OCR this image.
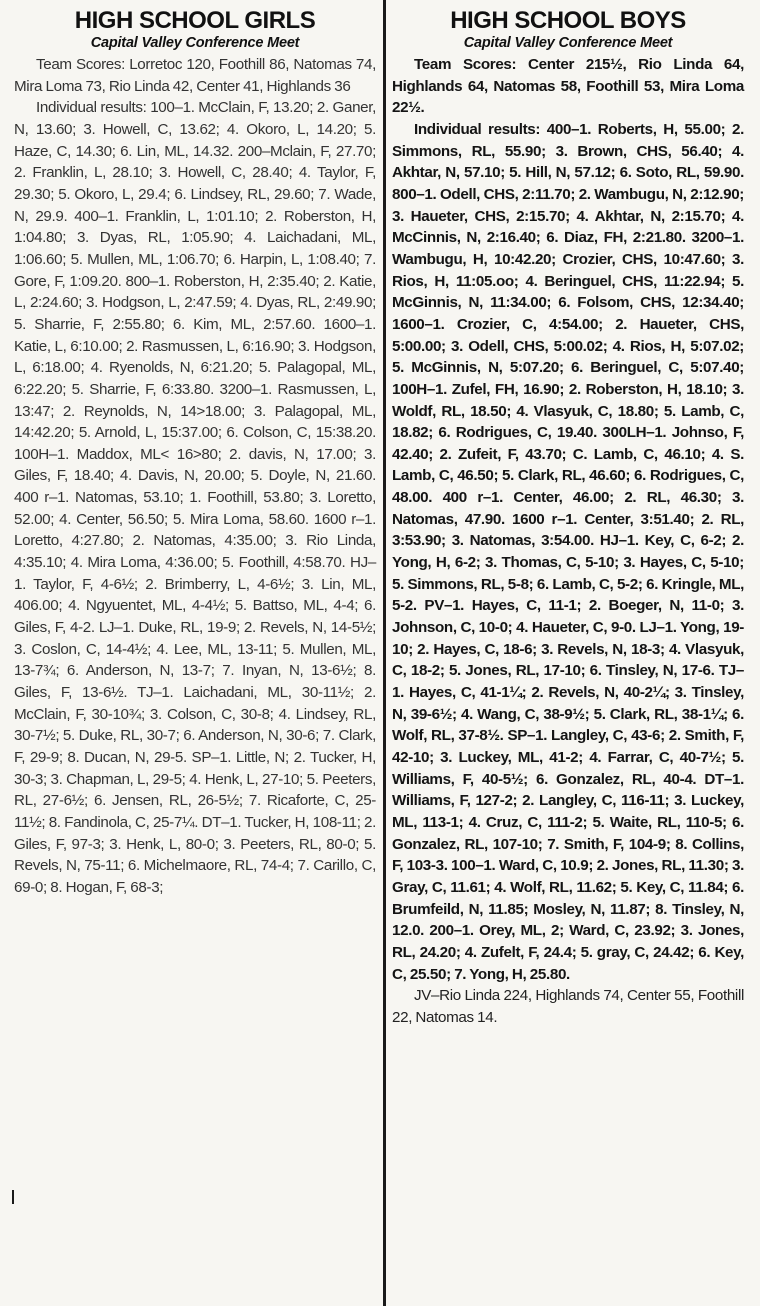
HIGH SCHOOL GIRLS
Capital Valley Conference Meet

Team Scores: Lorretoc 120, Foothill 86, Natomas 74, Mira Loma 73, Rio Linda 42, Center 41, Highlands 36

Individual results: 100–1. McClain, F, 13.20; 2. Ganer, N, 13.60; 3. Howell, C, 13.62; 4. Okoro, L, 14.20; 5. Haze, C, 14.30; 6. Lin, ML, 14.32. 200–Mclain, F, 27.70; 2. Franklin, L, 28.10; 3. Howell, C, 28.40; 4. Taylor, F, 29.30; 5. Okoro, L, 29.4; 6. Lindsey, RL, 29.60; 7. Wade, N, 29.9. 400–1. Franklin, L, 1:01.10; 2. Roberston, H, 1:04.80; 3. Dyas, RL, 1:05.90; 4. Laichadani, ML, 1:06.60; 5. Mullen, ML, 1:06.70; 6. Harpin, L, 1:08.40; 7. Gore, F, 1:09.20. 800–1. Roberston, H, 2:35.40; 2. Katie, L, 2:24.60; 3. Hodgson, L, 2:47.59; 4. Dyas, RL, 2:49.90; 5. Sharrie, F, 2:55.80; 6. Kim, ML, 2:57.60. 1600–1. Katie, L, 6:10.00; 2. Rasmussen, L, 6:16.90; 3. Hodgson, L, 6:18.00; 4. Ryenolds, N, 6:21.20; 5. Palagopal, ML, 6:22.20; 5. Sharrie, F, 6:33.80. 3200–1. Rasmussen, L, 13:47; 2. Reynolds, N, 14>18.00; 3. Palagopal, ML, 14:42.20; 5. Arnold, L, 15:37.00; 6. Colson, C, 15:38.20. 100H–1. Maddox, ML< 16>80; 2. davis, N, 17.00; 3. Giles, F, 18.40; 4. Davis, N, 20.00; 5. Doyle, N, 21.60. 400 r–1. Natomas, 53.10; 1. Foothill, 53.80; 3. Loretto, 52.00; 4. Center, 56.50; 5. Mira Loma, 58.60. 1600 r–1. Loretto, 4:27.80; 2. Natomas, 4:35.00; 3. Rio Linda, 4:35.10; 4. Mira Loma, 4:36.00; 5. Foothill, 4:58.70. HJ–1. Taylor, F, 4-6½; 2. Brimberry, L, 4-6½; 3. Lin, ML, 406.00; 4. Ngyuentet, ML, 4-4½; 5. Battso, ML, 4-4; 6. Giles, F, 4-2. LJ–1. Duke, RL, 19-9; 2. Revels, N, 14-5½; 3. Coslon, C, 14-4½; 4. Lee, ML, 13-11; 5. Mullen, ML, 13-7¾; 6. Anderson, N, 13-7; 7. Inyan, N, 13-6½; 8. Giles, F, 13-6½. TJ–1. Laichadani, ML, 30-11½; 2. McClain, F, 30-10¾; 3. Colson, C, 30-8; 4. Lindsey, RL, 30-7½; 5. Duke, RL, 30-7; 6. Anderson, N, 30-6; 7. Clark, F, 29-9; 8. Ducan, N, 29-5. SP–1. Little, N; 2. Tucker, H, 30-3; 3. Chapman, L, 29-5; 4. Henk, L, 27-10; 5. Peeters, RL, 27-6½; 6. Jensen, RL, 26-5½; 7. Ricaforte, C, 25-11½; 8. Fandinola, C, 25-7¼. DT–1. Tucker, H, 108-11; 2. Giles, F, 97-3; 3. Henk, L, 80-0; 3. Peeters, RL, 80-0; 5. Revels, N, 75-11; 6. Michelmaore, RL, 74-4; 7. Carillo, C, 69-0; 8. Hogan, F, 68-3;

HIGH SCHOOL BOYS
Capital Valley Conference Meet

Team Scores: Center 215½, Rio Linda 64, Highlands 64, Natomas 58, Foothill 53, Mira Loma 22½.

Individual results: 400–1. Roberts, H, 55.00; 2. Simmons, RL, 55.90; 3. Brown, CHS, 56.40; 4. Akhtar, N, 57.10; 5. Hill, N, 57.12; 6. Soto, RL, 59.90. 800–1. Odell, CHS, 2:11.70; 2. Wambugu, N, 2:12.90; 3. Haueter, CHS, 2:15.70; 4. Akhtar, N, 2:15.70; 4. McCinnis, N, 2:16.40; 6. Diaz, FH, 2:21.80. 3200–1. Wambugu, H, 10:42.20; Crozier, CHS, 10:47.60; 3. Rios, H, 11:05.oo; 4. Beringuel, CHS, 11:22.94; 5. McGinnis, N, 11:34.00; 6. Folsom, CHS, 12:34.40; 1600–1. Crozier, C, 4:54.00; 2. Haueter, CHS, 5:00.00; 3. Odell, CHS, 5:00.02; 4. Rios, H, 5:07.02; 5. McGinnis, N, 5:07.20; 6. Beringuel, C, 5:07.40; 100H–1. Zufel, FH, 16.90; 2. Roberston, H, 18.10; 3. Woldf, RL, 18.50; 4. Vlasyuk, C, 18.80; 5. Lamb, C, 18.82; 6. Rodrigues, C, 19.40. 300LH–1. Johnso, F, 42.40; 2. Zufeit, F, 43.70; C. Lamb, C, 46.10; 4. S. Lamb, C, 46.50; 5. Clark, RL, 46.60; 6. Rodrigues, C, 48.00. 400 r–1. Center, 46.00; 2. RL, 46.30; 3. Natomas, 47.90. 1600 r–1. Center, 3:51.40; 2. RL, 3:53.90; 3. Natomas, 3:54.00. HJ–1. Key, C, 6-2; 2. Yong, H, 6-2; 3. Thomas, C, 5-10; 3. Hayes, C, 5-10; 5. Simmons, RL, 5-8; 6. Lamb, C, 5-2; 6. Kringle, ML, 5-2. PV–1. Hayes, C, 11-1; 2. Boeger, N, 11-0; 3. Johnson, C, 10-0; 4. Haueter, C, 9-0. LJ–1. Yong, 19-10; 2. Hayes, C, 18-6; 3. Revels, N, 18-3; 4. Vlasyuk, C, 18-2; 5. Jones, RL, 17-10; 6. Tinsley, N, 17-6. TJ–1. Hayes, C, 41-1¼; 2. Revels, N, 40-2¼; 3. Tinsley, N, 39-6½; 4. Wang, C, 38-9½; 5. Clark, RL, 38-1¼; 6. Wolf, RL, 37-8½. SP–1. Langley, C, 43-6; 2. Smith, F, 42-10; 3. Luckey, ML, 41-2; 4. Farrar, C, 40-7½; 5. Williams, F, 40-5½; 6. Gonzalez, RL, 40-4. DT–1. Williams, F, 127-2; 2. Langley, C, 116-11; 3. Luckey, ML, 113-1; 4. Cruz, C, 111-2; 5. Waite, RL, 110-5; 6. Gonzalez, RL, 107-10; 7. Smith, F, 104-9; 8. Collins, F, 103-3. 100–1. Ward, C, 10.9; 2. Jones, RL, 11.30; 3. Gray, C, 11.61; 4. Wolf, RL, 11.62; 5. Key, C, 11.84; 6. Brumfeild, N, 11.85; Mosley, N, 11.87; 8. Tinsley, N, 12.0. 200–1. Orey, ML, 2; Ward, C, 23.92; 3. Jones, RL, 24.20; 4. Zufelt, F, 24.4; 5. gray, C, 24.42; 6. Key, C, 25.50; 7. Yong, H, 25.80.

JV–Rio Linda 224, Highlands 74, Center 55, Foothill 22, Natomas 14.
